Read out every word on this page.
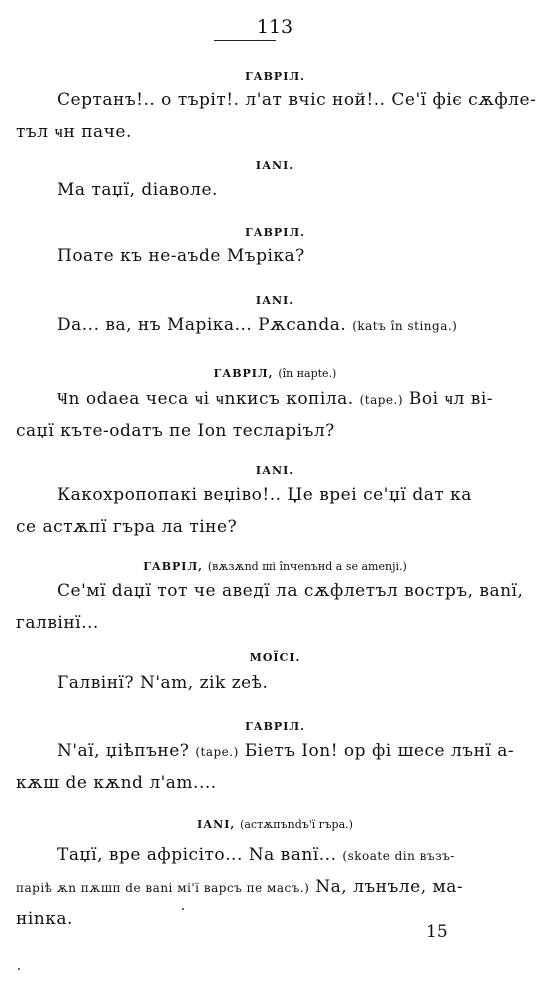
113
ГАВРIЛ.
Сертанъ!.. о търіт!. л'ат вчіс ной!.. Се'ї фіє сѫфле-
тъл ҹн паче.
IАNI.
Ма таџї, diаволе.
ГАВРIЛ.
Поате къ не-аъdе Мъріка?
IАNI.
Dа... ва, нъ Маріка... Рѫсаnda. (kаtъ în stinga.)
ГАВРIЛ, (în нapte.)
Ҹn odаеа чеса ҹі ҹnкисъ копіла. (tape.) Воі ҹл ві-
саџї кътe-odатъ пе Іоn тесларіъл?
IАNI.
Какохропопакі веџіво!.. Џе вреі се'џї dат ка
се астѫпї гъра ла тіне?
ГАВРIЛ, (вѫзѫnd ші înчеnънd a se amenji.)
Се'мї daџї тот че аведї ла сѫфлетъл востръ, ваnї,
галвінї...
МОЇСI.
Галвінї? N'am, zik zeѣ.
ГАВРIЛ.
N'аї, џіѣпъне? (tape.) Біетъ Іоn! ор фі шесе лънї а-
кѫш de кѫnd л'am....
IАNI, (астѫпъndъ'ї гъра.)
Таџї, вре афрісіто... Na ваnї... (skoate din възъ-
парiѣ ѫn пѫшп de ваnі мі'ї варсъ пе масъ.) Na, лънъле, ма-
ніnка.
15
